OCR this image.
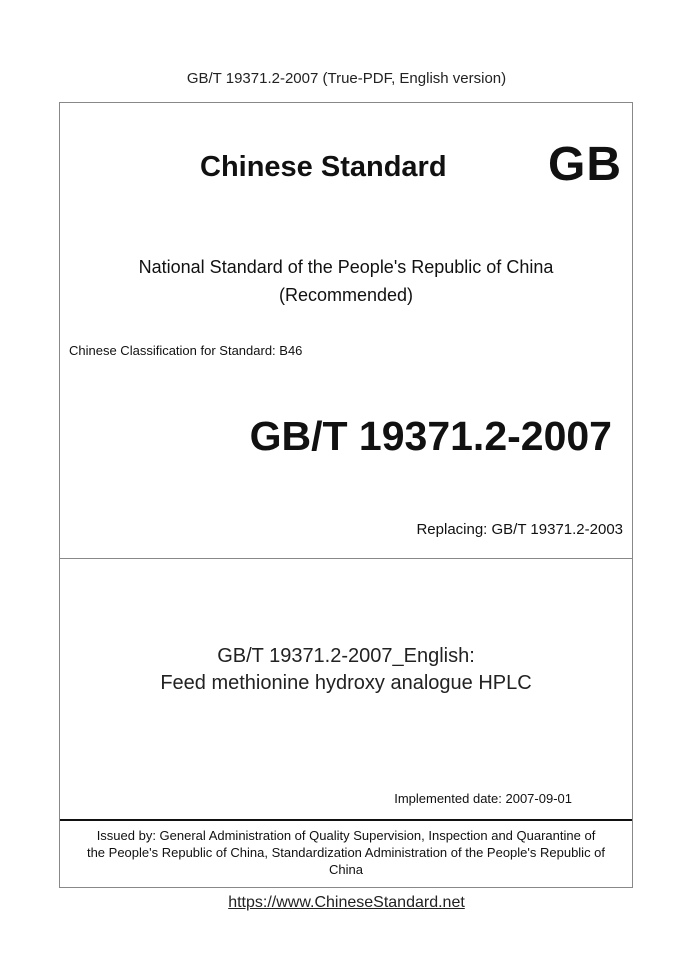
GB/T 19371.2-2007 (True-PDF, English version)
Chinese Standard GB
National Standard of the People's Republic of China
(Recommended)
Chinese Classification for Standard: B46
GB/T 19371.2-2007
Replacing: GB/T 19371.2-2003
GB/T 19371.2-2007_English:
Feed methionine hydroxy analogue HPLC
Implemented date: 2007-09-01
Issued by: General Administration of Quality Supervision, Inspection and Quarantine of
the People's Republic of China, Standardization Administration of the People's Republic of
China
https://www.ChineseStandard.net
